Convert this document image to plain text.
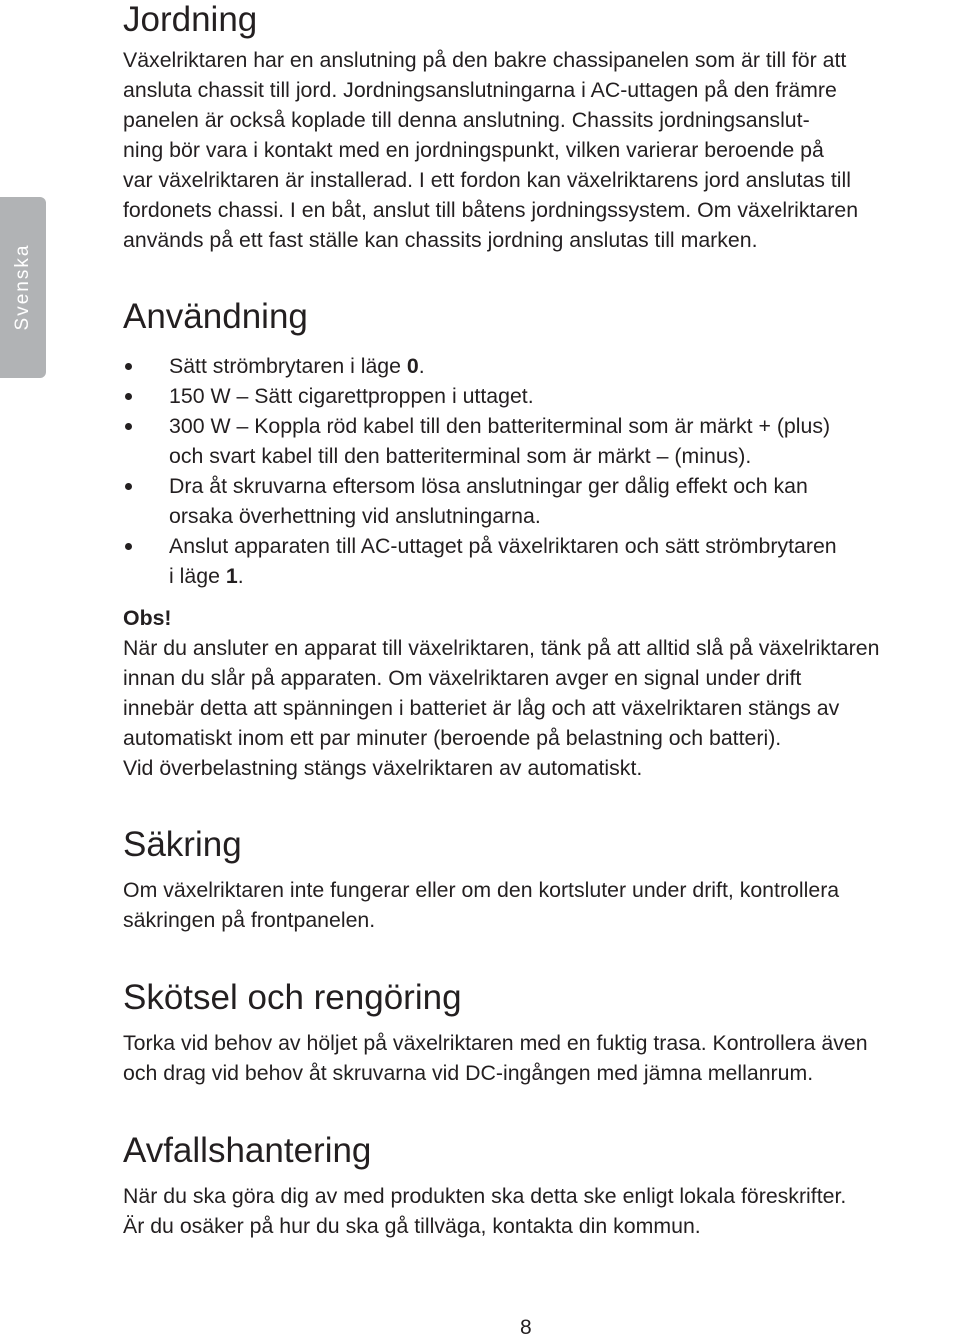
Svenska
Jordning

Växelriktaren har en anslutning på den bakre chassipanelen som är till för att
ansluta chassit till jord. Jordningsanslutningarna i AC-uttagen på den främre
panelen är också koplade till denna anslutning. Chassits jordningsanslut-
ning bör vara i kontakt med en jordningspunkt, vilken varierar beroende på
var växelriktaren är installerad. I ett fordon kan växelriktarens jord anslutas till
fordonets chassi. I en båt, anslut till båtens jordningssystem. Om växelriktaren
används på ett fast ställe kan chassits jordning anslutas till marken.

Användning
Sätt strömbrytaren i läge 0.
150 W – Sätt cigarettproppen i uttaget.
300 W – Koppla röd kabel till den batteriterminal som är märkt + (plus)
och svart kabel till den batteriterminal som är märkt – (minus).
Dra åt skruvarna eftersom lösa anslutningar ger dålig effekt och kan
orsaka överhettning vid anslutningarna.
Anslut apparaten till AC-uttaget på växelriktaren och sätt strömbrytaren
i läge 1.
Obs!

När du ansluter en apparat till växelriktaren, tänk på att alltid slå på växelriktaren
innan du slår på apparaten. Om växelriktaren avger en signal under drift
innebär detta att spänningen i batteriet är låg och att växelriktaren stängs av
automatiskt inom ett par minuter (beroende på belastning och batteri).
Vid överbelastning stängs växelriktaren av automatiskt.

Säkring

Om växelriktaren inte fungerar eller om den kortsluter under drift, kontrollera
säkringen på frontpanelen.

Skötsel och rengöring

Torka vid behov av höljet på växelriktaren med en fuktig trasa. Kontrollera även
och drag vid behov åt skruvarna vid DC-ingången med jämna mellanrum.

Avfallshantering

När du ska göra dig av med produkten ska detta ske enligt lokala föreskrifter.
Är du osäker på hur du ska gå tillväga, kontakta din kommun.

8
